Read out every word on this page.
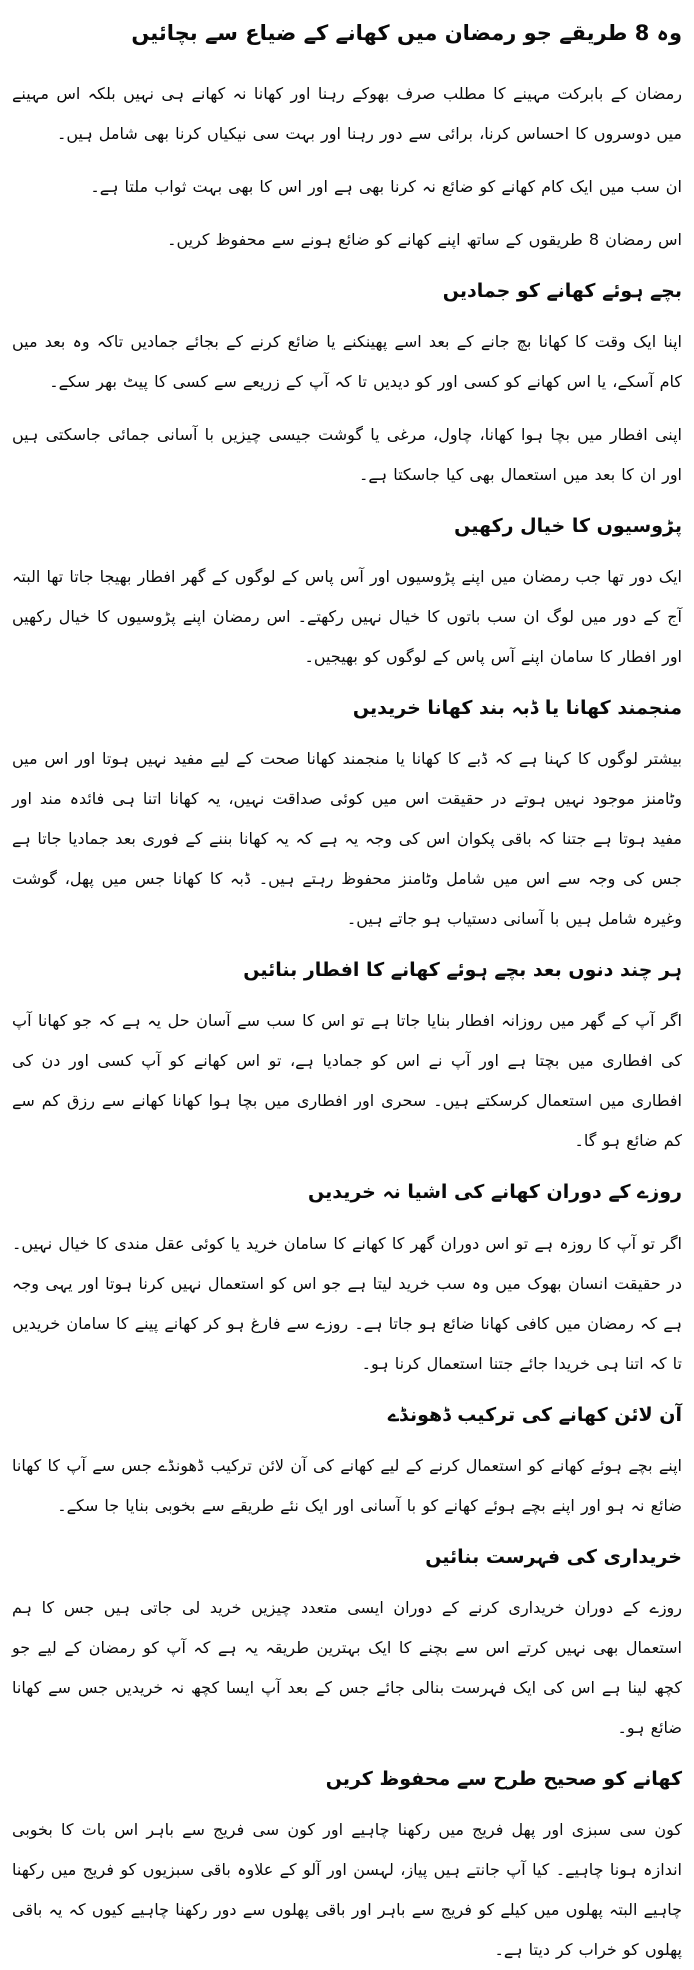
وہ 8 طریقے جو رمضان میں کھانے کے ضیاع سے بچائیں

رمضان کے بابرکت مہینے کا مطلب صرف بھوکے رہنا اور کھانا نہ کھانے ہی نہیں بلکہ اس مہینے میں دوسروں کا احساس کرنا، برائی سے دور رہنا اور بہت سی نیکیاں کرنا بھی شامل ہیں۔

ان سب میں ایک کام کھانے کو ضائع نہ کرنا بھی ہے اور اس کا بھی بہت ثواب ملتا ہے۔

اس رمضان 8 طریقوں کے ساتھ اپنے کھانے کو ضائع ہونے سے محفوظ کریں۔

بچے ہوئے کھانے کو جمادیں

اپنا ایک وقت کا کھانا بچ جانے کے بعد اسے پھینکنے یا ضائع کرنے کے بجائے جمادیں تاکہ وہ بعد میں کام آسکے، یا اس کھانے کو کسی اور کو دیدیں تا کہ آپ کے زریعے سے کسی کا پیٹ بھر سکے۔

اپنی افطار میں بچا ہوا کھانا، چاول، مرغی یا گوشت جیسی چیزیں با آسانی جمائی جاسکتی ہیں اور ان کا بعد میں استعمال بھی کیا جاسکتا ہے۔

پڑوسیوں کا خیال رکھیں

ایک دور تھا جب رمضان میں اپنے پڑوسیوں اور آس پاس کے لوگوں کے گھر افطار بھیجا جاتا تھا البتہ آج کے دور میں لوگ ان سب باتوں کا خیال نہیں رکھتے۔ اس رمضان اپنے پڑوسیوں کا خیال رکھیں اور افطار کا سامان اپنے آس پاس کے لوگوں کو بھیجیں۔

منجمند کھانا یا ڈبہ بند کھانا خریدیں

بیشتر لوگوں کا کہنا ہے کہ ڈبے کا کھانا یا منجمند کھانا صحت کے لیے مفید نہیں ہوتا اور اس میں وٹامنز موجود نہیں ہوتے در حقیقت اس میں کوئی صداقت نہیں، یہ کھانا اتنا ہی فائدہ مند اور مفید ہوتا ہے جتنا کہ باقی پکوان اس کی وجہ یہ ہے کہ یہ کھانا بننے کے فوری بعد جمادیا جاتا ہے جس کی وجہ سے اس میں شامل وٹامنز محفوظ رہتے ہیں۔ ڈبہ کا کھانا جس میں پھل، گوشت وغیرہ شامل ہیں با آسانی دستیاب ہو جاتے ہیں۔

ہر چند دنوں بعد بچے ہوئے کھانے کا افطار بنائیں

اگر آپ کے گھر میں روزانہ افطار بنایا جاتا ہے تو اس کا سب سے آسان حل یہ ہے کہ جو کھانا آپ کی افطاری میں بچتا ہے اور آپ نے اس کو جمادیا ہے، تو اس کھانے کو آپ کسی اور دن کی افطاری میں استعمال کرسکتے ہیں۔ سحری اور افطاری میں بچا ہوا کھانا کھانے سے رزق کم سے کم ضائع ہو گا۔

روزے کے دوران کھانے کی اشیا نہ خریدیں

اگر تو آپ کا روزہ ہے تو اس دوران گھر کا کھانے کا سامان خرید یا کوئی عقل مندی کا خیال نہیں۔ در حقیقت انسان بھوک میں وہ سب خرید لیتا ہے جو اس کو استعمال نہیں کرنا ہوتا اور یہی وجہ ہے کہ رمضان میں کافی کھانا ضائع ہو جاتا ہے۔ روزے سے فارغ ہو کر کھانے پینے کا سامان خریدیں تا کہ اتنا ہی خریدا جائے جتنا استعمال کرنا ہو۔

آن لائن کھانے کی ترکیب ڈھونڈے

اپنے بچے ہوئے کھانے کو استعمال کرنے کے لیے کھانے کی آن لائن ترکیب ڈھونڈے جس سے آپ کا کھانا ضائع نہ ہو اور اپنے بچے ہوئے کھانے کو با آسانی اور ایک نئے طریقے سے بخوبی بنایا جا سکے۔

خریداری کی فہرست بنائیں

روزے کے دوران خریداری کرنے کے دوران ایسی متعدد چیزیں خرید لی جاتی ہیں جس کا ہم استعمال بھی نہیں کرتے اس سے بچنے کا ایک بہترین طریقہ یہ ہے کہ آپ کو رمضان کے لیے جو کچھ لینا ہے اس کی ایک فہرست بنالی جائے جس کے بعد آپ ایسا کچھ نہ خریدیں جس سے کھانا ضائع ہو۔

کھانے کو صحیح طرح سے محفوظ کریں

کون سی سبزی اور پھل فریج میں رکھنا چاہیے اور کون سی فریج سے باہر اس بات کا بخوبی اندازہ ہونا چاہیے۔ کیا آپ جانتے ہیں پیاز، لہسن اور آلو کے علاوہ باقی سبزیوں کو فریج میں رکھنا چاہیے البتہ پھلوں میں کیلے کو فریج سے باہر اور باقی پھلوں سے دور رکھنا چاہیے کیوں کہ یہ باقی پھلوں کو خراب کر دیتا ہے۔
